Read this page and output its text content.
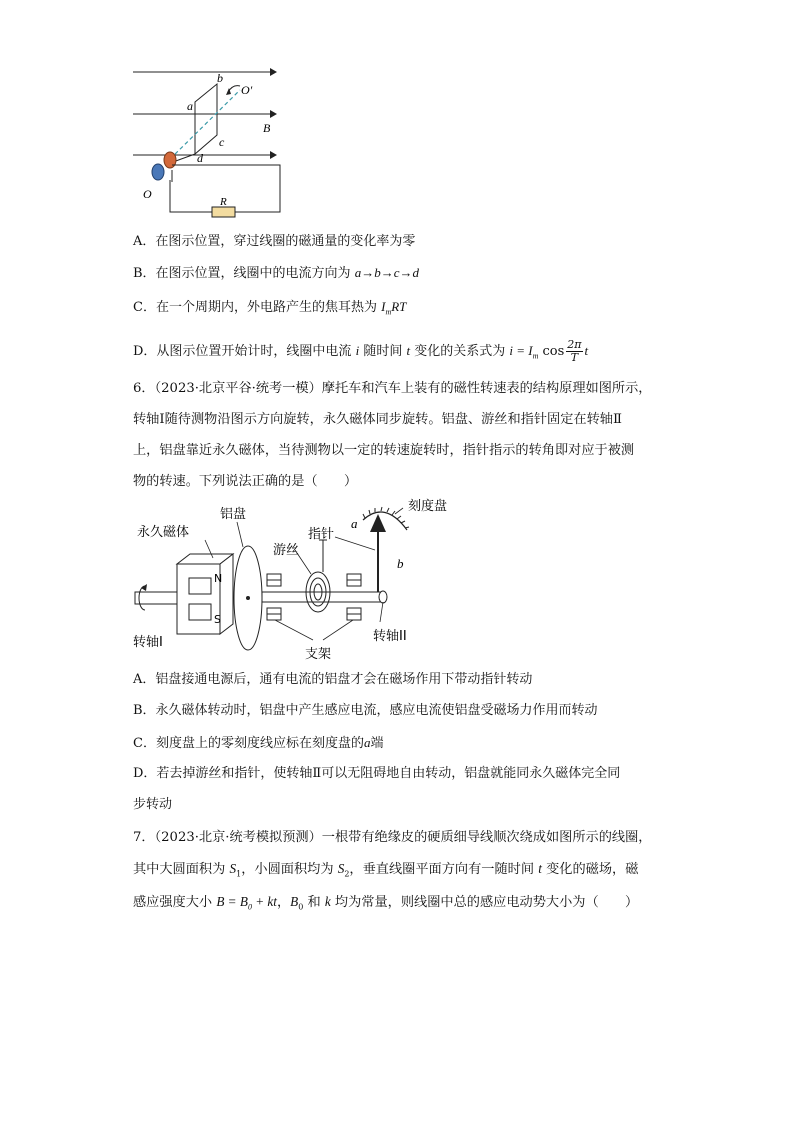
b
O′
a
B
c
d
O
R
A．在图示位置，穿过线圈的磁通量的变化率为零
B．在图示位置，线圈中的电流方向为 a→b→c→d
C．在一个周期内，外电路产生的焦耳热为 $I_mRT$
D．从图示位置开始计时，线圈中电流 i 随时间 t 变化的关系式为 $i = I_m$ $\cos \frac{2\pi}{T}$ t
6．（2023·北京平谷·统考一模）摩托车和汽车上装有的磁性转速表的结构原理如图所示，
转轴Ⅰ随待测物沿图示方向旋转，永久磁体同步旋转。铝盘、游丝和指针固定在转轴Ⅱ
上，铝盘靠近永久磁体，当待测物以一定的转速旋转时，指针指示的转角即对应于被测
物的转速。下列说法正确的是（　　）
N
S
永久磁体
铝盘
游丝
指针
刻度盘
a
b
转轴I	转轴II
支架
A．铝盘接通电源后，通有电流的铝盘才会在磁场作用下带动指针转动
B．永久磁体转动时，铝盘中产生感应电流，感应电流使铝盘受磁场力作用而转动
C．刻度盘上的零刻度线应标在刻度盘的a端
D．若去掉游丝和指针，使转轴Ⅱ可以无阻碍地自由转动，铝盘就能同永久磁体完全同
步转动
7．（2023·北京·统考模拟预测）一根带有绝缘皮的硬质细导线顺次绕成如图所示的线圈，
其中大圆面积为 $S_1$，小圆面积均为 $S_2$，垂直线圈平面方向有一随时间 t 变化的磁场，磁
感应强度大小 $B = B_0$ + kt，$B_0$ 和 k 均为常量，则线圈中总的感应电动势大小为（　　）
